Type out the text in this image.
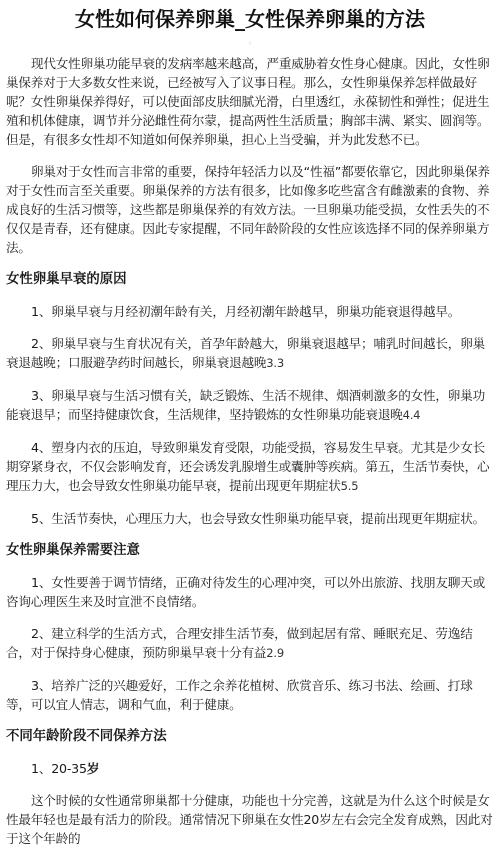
女性如何保养卵巢_女性保养卵巢的方法
◦

现代女性卵巢功能早衰的发病率越来越高，严重威胁着女性身心健康。因此，女性卵巢保养对于大多数女性来说，已经被写入了议事日程。那么，女性卵巢保养怎样做最好呢？女性卵巢保养得好，可以使面部皮肤细腻光滑，白里透红，永葆韧性和弹性；促进生殖和机体健康，调节并分泌雌性荷尔蒙，提高两性生活质量；胸部丰满、紧实、圆润等。但是，有很多女性却不知道如何保养卵巢，担心上当受骗，并为此发愁不已。

卵巢对于女性而言非常的重要，保持年轻活力以及“性福”都要依靠它，因此卵巢保养对于女性而言至关重要。卵巢保养的方法有很多，比如像多吃些富含有雌激素的食物、养成良好的生活习惯等，这些都是卵巢保养的有效方法。一旦卵巢功能受损，女性丢失的不仅仅是青春，还有健康。因此专家提醒，不同年龄阶段的女性应该选择不同的保养卵巢方法。

女性卵巢早衰的原因

1、卵巢早衰与月经初潮年龄有关，月经初潮年龄越早，卵巢功能衰退得越早。

2、卵巢早衰与生育状况有关，首孕年龄越大，卵巢衰退越早；哺乳时间越长，卵巢衰退越晚；口服避孕药时间越长，卵巢衰退越晚3.3

3、卵巢早衰与生活习惯有关，缺乏锻炼、生活不规律、烟酒刺激多的女性，卵巢功能衰退早；而坚持健康饮食，生活规律，坚持锻炼的女性卵巢功能衰退晚4.4

4、塑身内衣的压迫，导致卵巢发育受限，功能受损，容易发生早衰。尤其是少女长期穿紧身衣，不仅会影响发育，还会诱发乳腺增生或囊肿等疾病。第五，生活节奏快，心理压力大，也会导致女性卵巢功能早衰，提前出现更年期症状5.5

5、生活节奏快，心理压力大，也会导致女性卵巢功能早衰，提前出现更年期症状。

女性卵巢保养需要注意

1、女性要善于调节情绪，正确对待发生的心理冲突，可以外出旅游、找朋友聊天或咨询心理医生来及时宣泄不良情绪。

2、建立科学的生活方式，合理安排生活节奏，做到起居有常、睡眠充足、劳逸结合，对于保持身心健康，预防卵巢早衰十分有益2.9

3、培养广泛的兴趣爱好，工作之余养花植树、欣赏音乐、练习书法、绘画、打球等，可以宜人情志，调和气血，利于健康。

不同年龄阶段不同保养方法

1、20-35岁

这个时候的女性通常卵巢都十分健康，功能也十分完善，这就是为什么这个时候是女性最年轻也是最有活力的阶段。通常情况下卵巢在女性20岁左右会完全发育成熟，因此对于这个年龄的
